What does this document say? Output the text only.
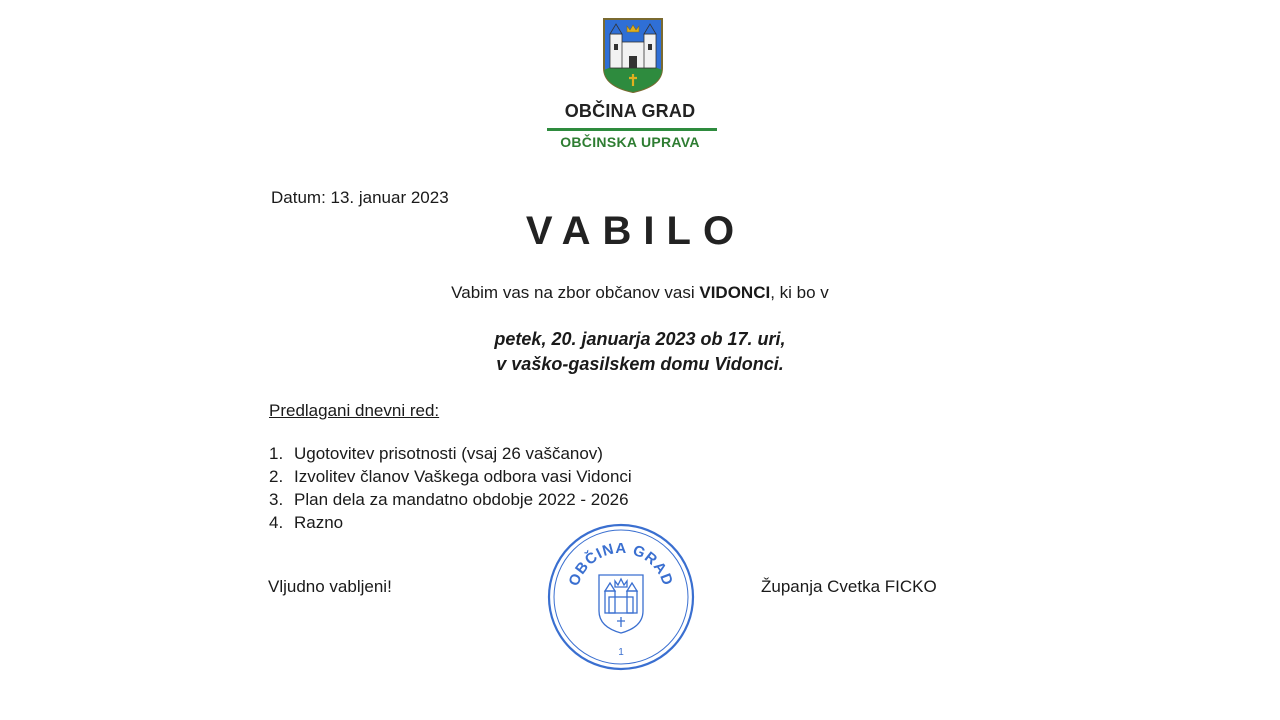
OBČINA GRAD
OBČINSKA UPRAVA
Datum: 13. januar 2023
VABILO
Vabim vas na zbor občanov vasi VIDONCI, ki bo v
petek, 20. januarja 2023 ob 17. uri,
v vaško-gasilskem domu Vidonci.
Predlagani dnevni red:
1. Ugotovitev prisotnosti (vsaj 26 vaščanov)
2. Izvolitev članov Vaškega odbora vasi Vidonci
3. Plan dela za mandatno obdobje 2022 - 2026
4. Razno
Vljudno vabljeni!	Županja Cvetka FICKO
OBČINA GRAD
1
